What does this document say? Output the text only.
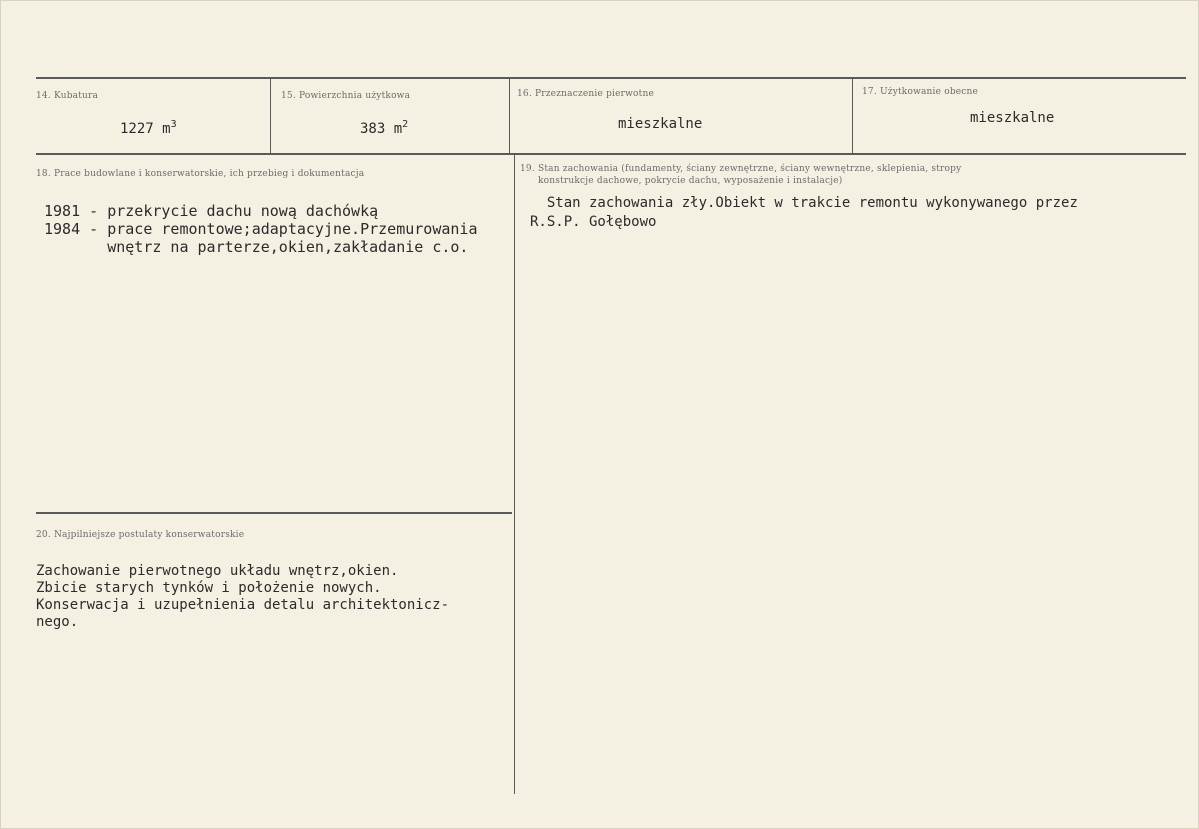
14. Kubatura
1227 $m^3$
15. Powierzchnia użytkowa
383 $m^2$
16. Przeznaczenie pierwotne
mieszkalne
17. Użytkowanie obecne
mieszkalne
18. Prace budowlane i konserwatorskie, ich przebieg i dokumentacja
1981 - przekrycie dachu nową dachówką
1984 - prace remontowe;adaptacyjne.Przemurowania
wnętrz na parterze,okien,zakładanie c.o.
19. Stan zachowania (fundamenty, ściany zewnętrzne, ściany wewnętrzne, sklepienia, stropy
konstrukcje dachowe, pokrycie dachu, wyposażenie i instalacje)
Stan zachowania zły.Obiekt w trakcie remontu wykonywanego przez
R.S.P. Gołębowo
20. Najpilniejsze postulaty konserwatorskie
Zachowanie pierwotnego układu wnętrz,okien.
Zbicie starych tynków i położenie nowych.
Konserwacja i uzupełnienia detalu architektonicz-
nego.
